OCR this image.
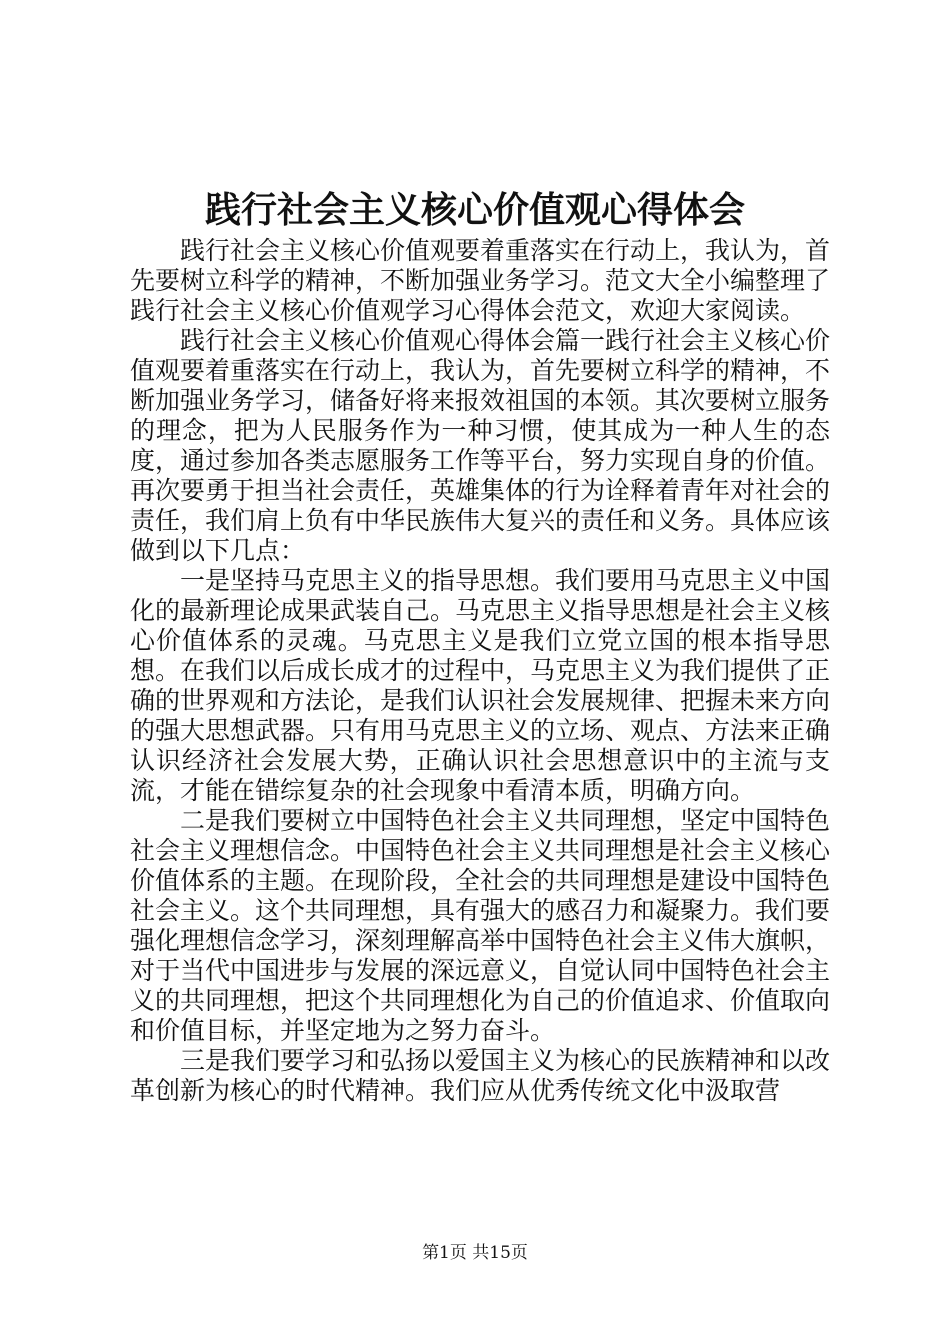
践行社会主义核心价值观心得体会

践行社会主义核心价值观要着重落实在行动上，我认为，首先要树立科学的精神，不断加强业务学习。范文大全小编整理了践行社会主义核心价值观学习心得体会范文，欢迎大家阅读。

践行社会主义核心价值观心得体会篇一践行社会主义核心价值观要着重落实在行动上，我认为，首先要树立科学的精神，不断加强业务学习，储备好将来报效祖国的本领。其次要树立服务的理念，把为人民服务作为一种习惯，使其成为一种人生的态度，通过参加各类志愿服务工作等平台，努力实现自身的价值。再次要勇于担当社会责任，英雄集体的行为诠释着青年对社会的责任，我们肩上负有中华民族伟大复兴的责任和义务。具体应该做到以下几点：

一是坚持马克思主义的指导思想。我们要用马克思主义中国化的最新理论成果武装自己。马克思主义指导思想是社会主义核心价值体系的灵魂。马克思主义是我们立党立国的根本指导思想。在我们以后成长成才的过程中，马克思主义为我们提供了正确的世界观和方法论，是我们认识社会发展规律、把握未来方向的强大思想武器。只有用马克思主义的立场、观点、方法来正确认识经济社会发展大势，正确认识社会思想意识中的主流与支流，才能在错综复杂的社会现象中看清本质，明确方向。

二是我们要树立中国特色社会主义共同理想，坚定中国特色社会主义理想信念。中国特色社会主义共同理想是社会主义核心价值体系的主题。在现阶段，全社会的共同理想是建设中国特色社会主义。这个共同理想，具有强大的感召力和凝聚力。我们要强化理想信念学习，深刻理解高举中国特色社会主义伟大旗帜，对于当代中国进步与发展的深远意义，自觉认同中国特色社会主义的共同理想，把这个共同理想化为自己的价值追求、价值取向和价值目标，并坚定地为之努力奋斗。

三是我们要学习和弘扬以爱国主义为核心的民族精神和以改革创新为核心的时代精神。我们应从优秀传统文化中汲取营

第1页 共15页
